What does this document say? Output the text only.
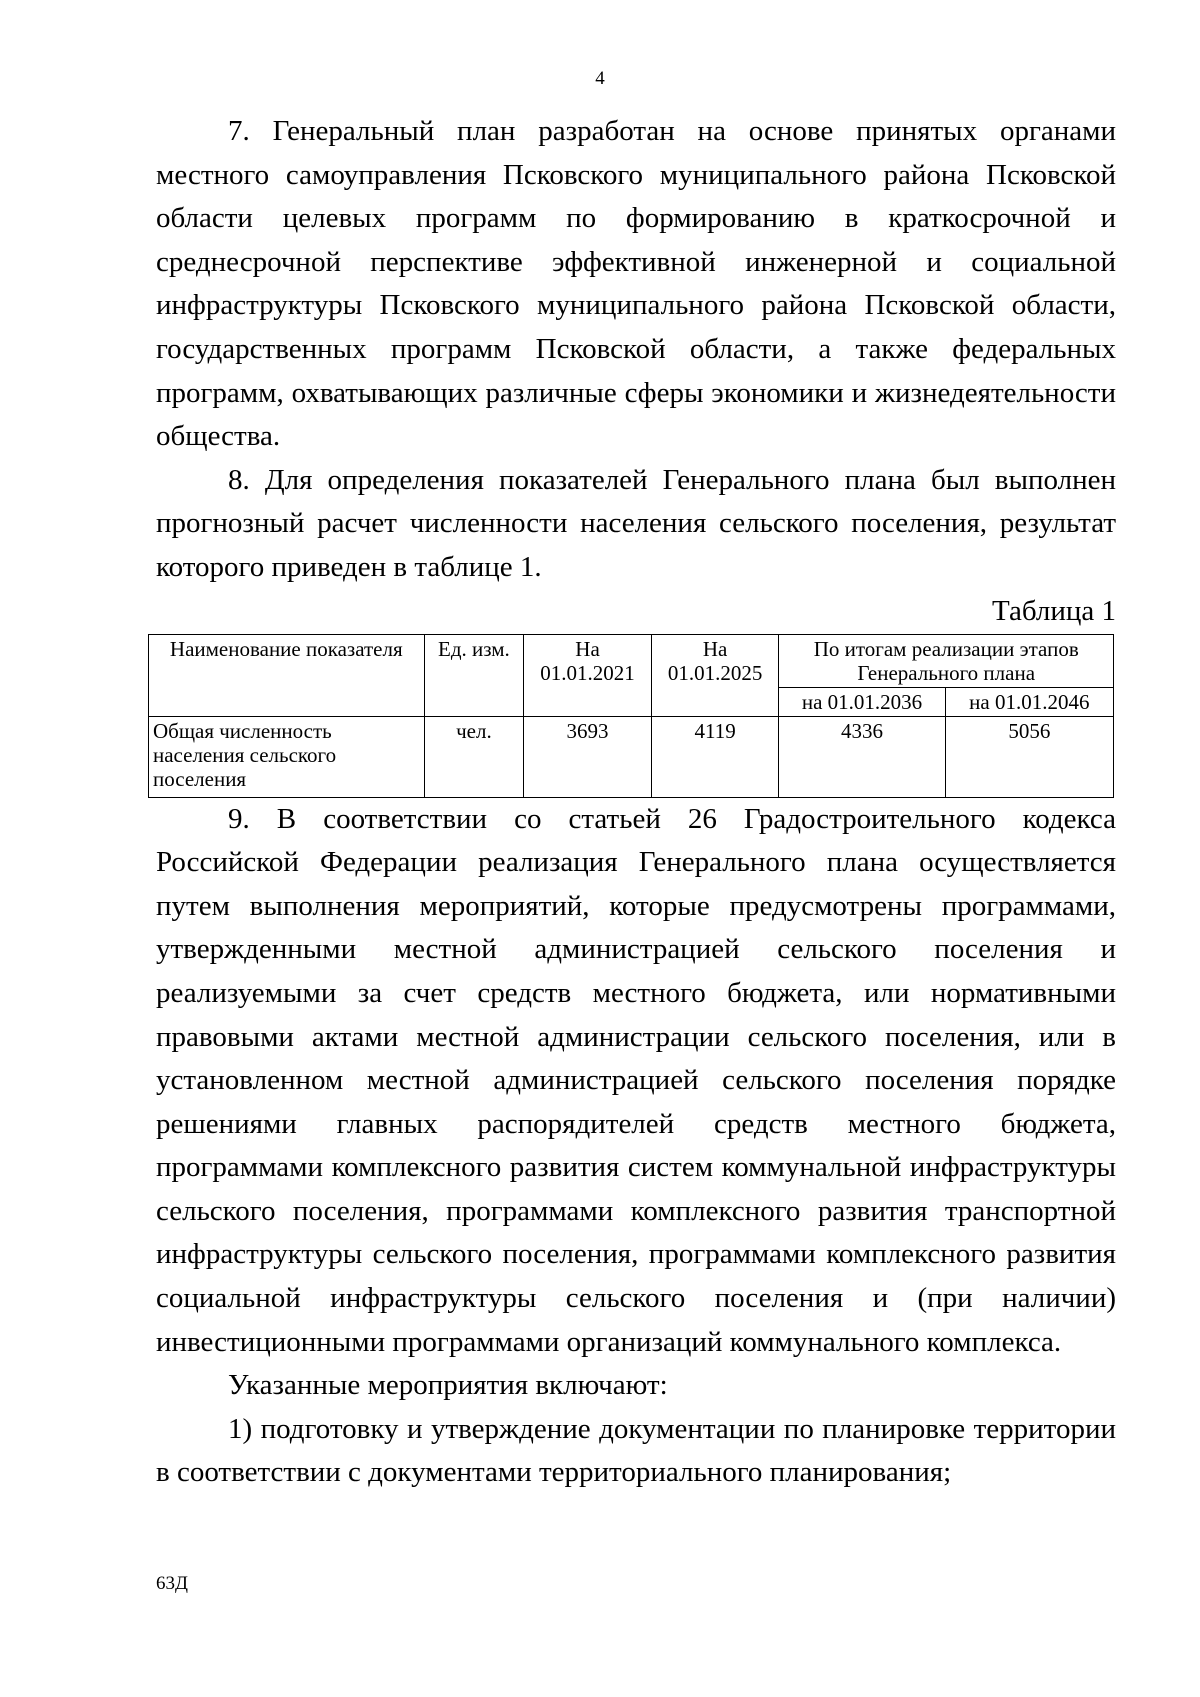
4

7. Генеральный план разработан на основе принятых органами местного самоуправления Псковского муниципального района Псковской области целевых программ по формированию в краткосрочной и среднесрочной перспективе эффективной инженерной и социальной инфраструктуры Псковского муниципального района Псковской области, государственных программ Псковской области, а также федеральных программ, охватывающих различные сферы экономики и жизнедеятельности общества.

8. Для определения показателей Генерального плана был выполнен прогнозный расчет численности населения сельского поселения, результат которого приведен в таблице 1.

Таблица 1

Наименование показателя	Ед. изм.	На 01.01.2021	На 01.01.2025	По итогам реализации этапов Генерального плана	
				на 01.01.2036	на 01.01.2046
Общая численность населения сельского поселения	чел.	3693	4119	4336	5056

9. В соответствии со статьей 26 Градостроительного кодекса Российской Федерации реализация Генерального плана осуществляется путем выполнения мероприятий, которые предусмотрены программами, утвержденными местной администрацией сельского поселения и реализуемыми за счет средств местного бюджета, или нормативными правовыми актами местной администрации сельского поселения, или в установленном местной администрацией сельского поселения порядке решениями главных распорядителей средств местного бюджета, программами комплексного развития систем коммунальной инфраструктуры сельского поселения, программами комплексного развития транспортной инфраструктуры сельского поселения, программами комплексного развития социальной инфраструктуры сельского поселения и (при наличии) инвестиционными программами организаций коммунального комплекса.

Указанные мероприятия включают:

1) подготовку и утверждение документации по планировке территории в соответствии с документами территориального планирования;

63Д
